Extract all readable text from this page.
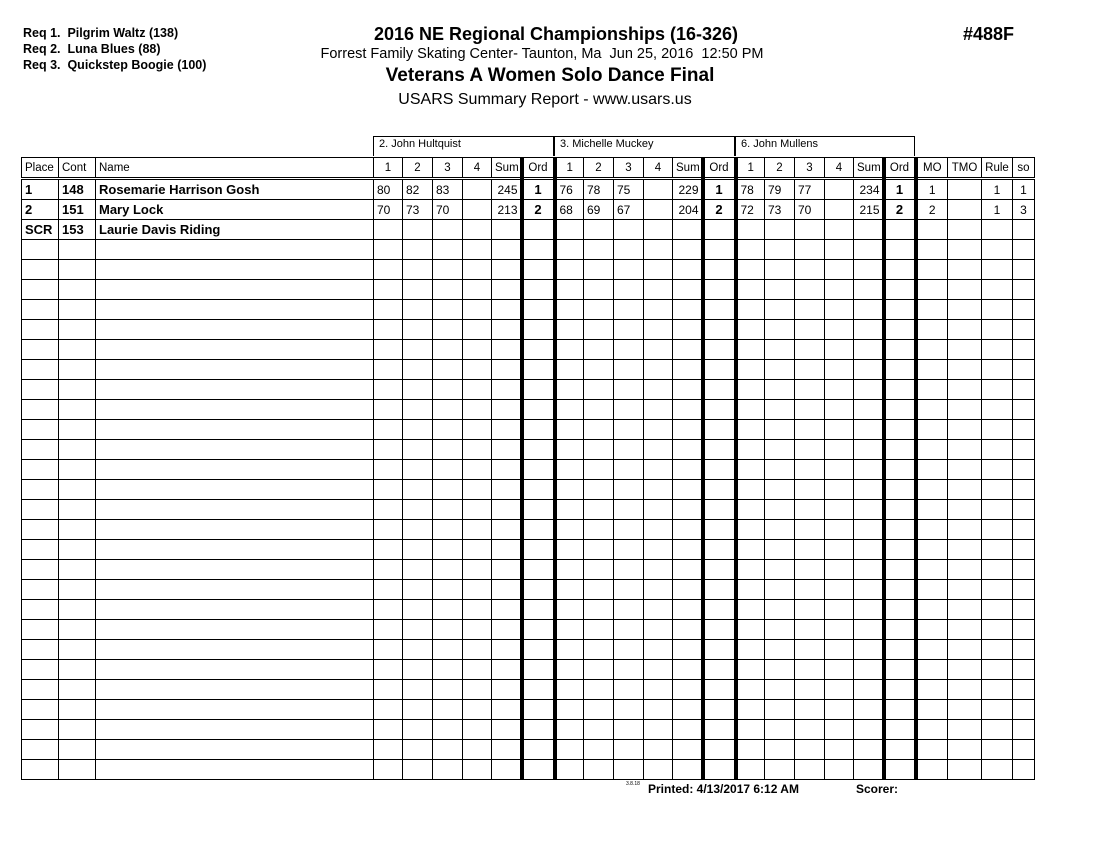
Req 1.  Pilgrim Waltz (138)
Req 2.  Luna Blues (88)
Req 3.  Quickstep Boogie (100)
2016 NE Regional Championships (16-326)
Forrest Family Skating Center- Taunton, Ma  Jun 25, 2016  12:50 PM
Veterans A Women Solo Dance Final
USARS Summary Report - www.usars.us
#488F
2. John Hultquist	3. Michelle Muckey	6. John Mullens
Place	Cont	Name	1	2	3	4	Sum	Ord	1	2	3	4	Sum	Ord	1	2	3	4	Sum	Ord	MO	TMO	Rule	so
1	148	Rosemarie Harrison Gosh	80	82	83		245	1	76	78	75		229	1	78	79	77		234	1	1		1	1
2	151	Mary Lock	70	73	70		213	2	68	69	67		204	2	72	73	70		215	2	2		1	3
SCR	153	Laurie Davis Riding																						

3.8.18 Printed: 4/13/2017 6:12 AM	Scorer:
